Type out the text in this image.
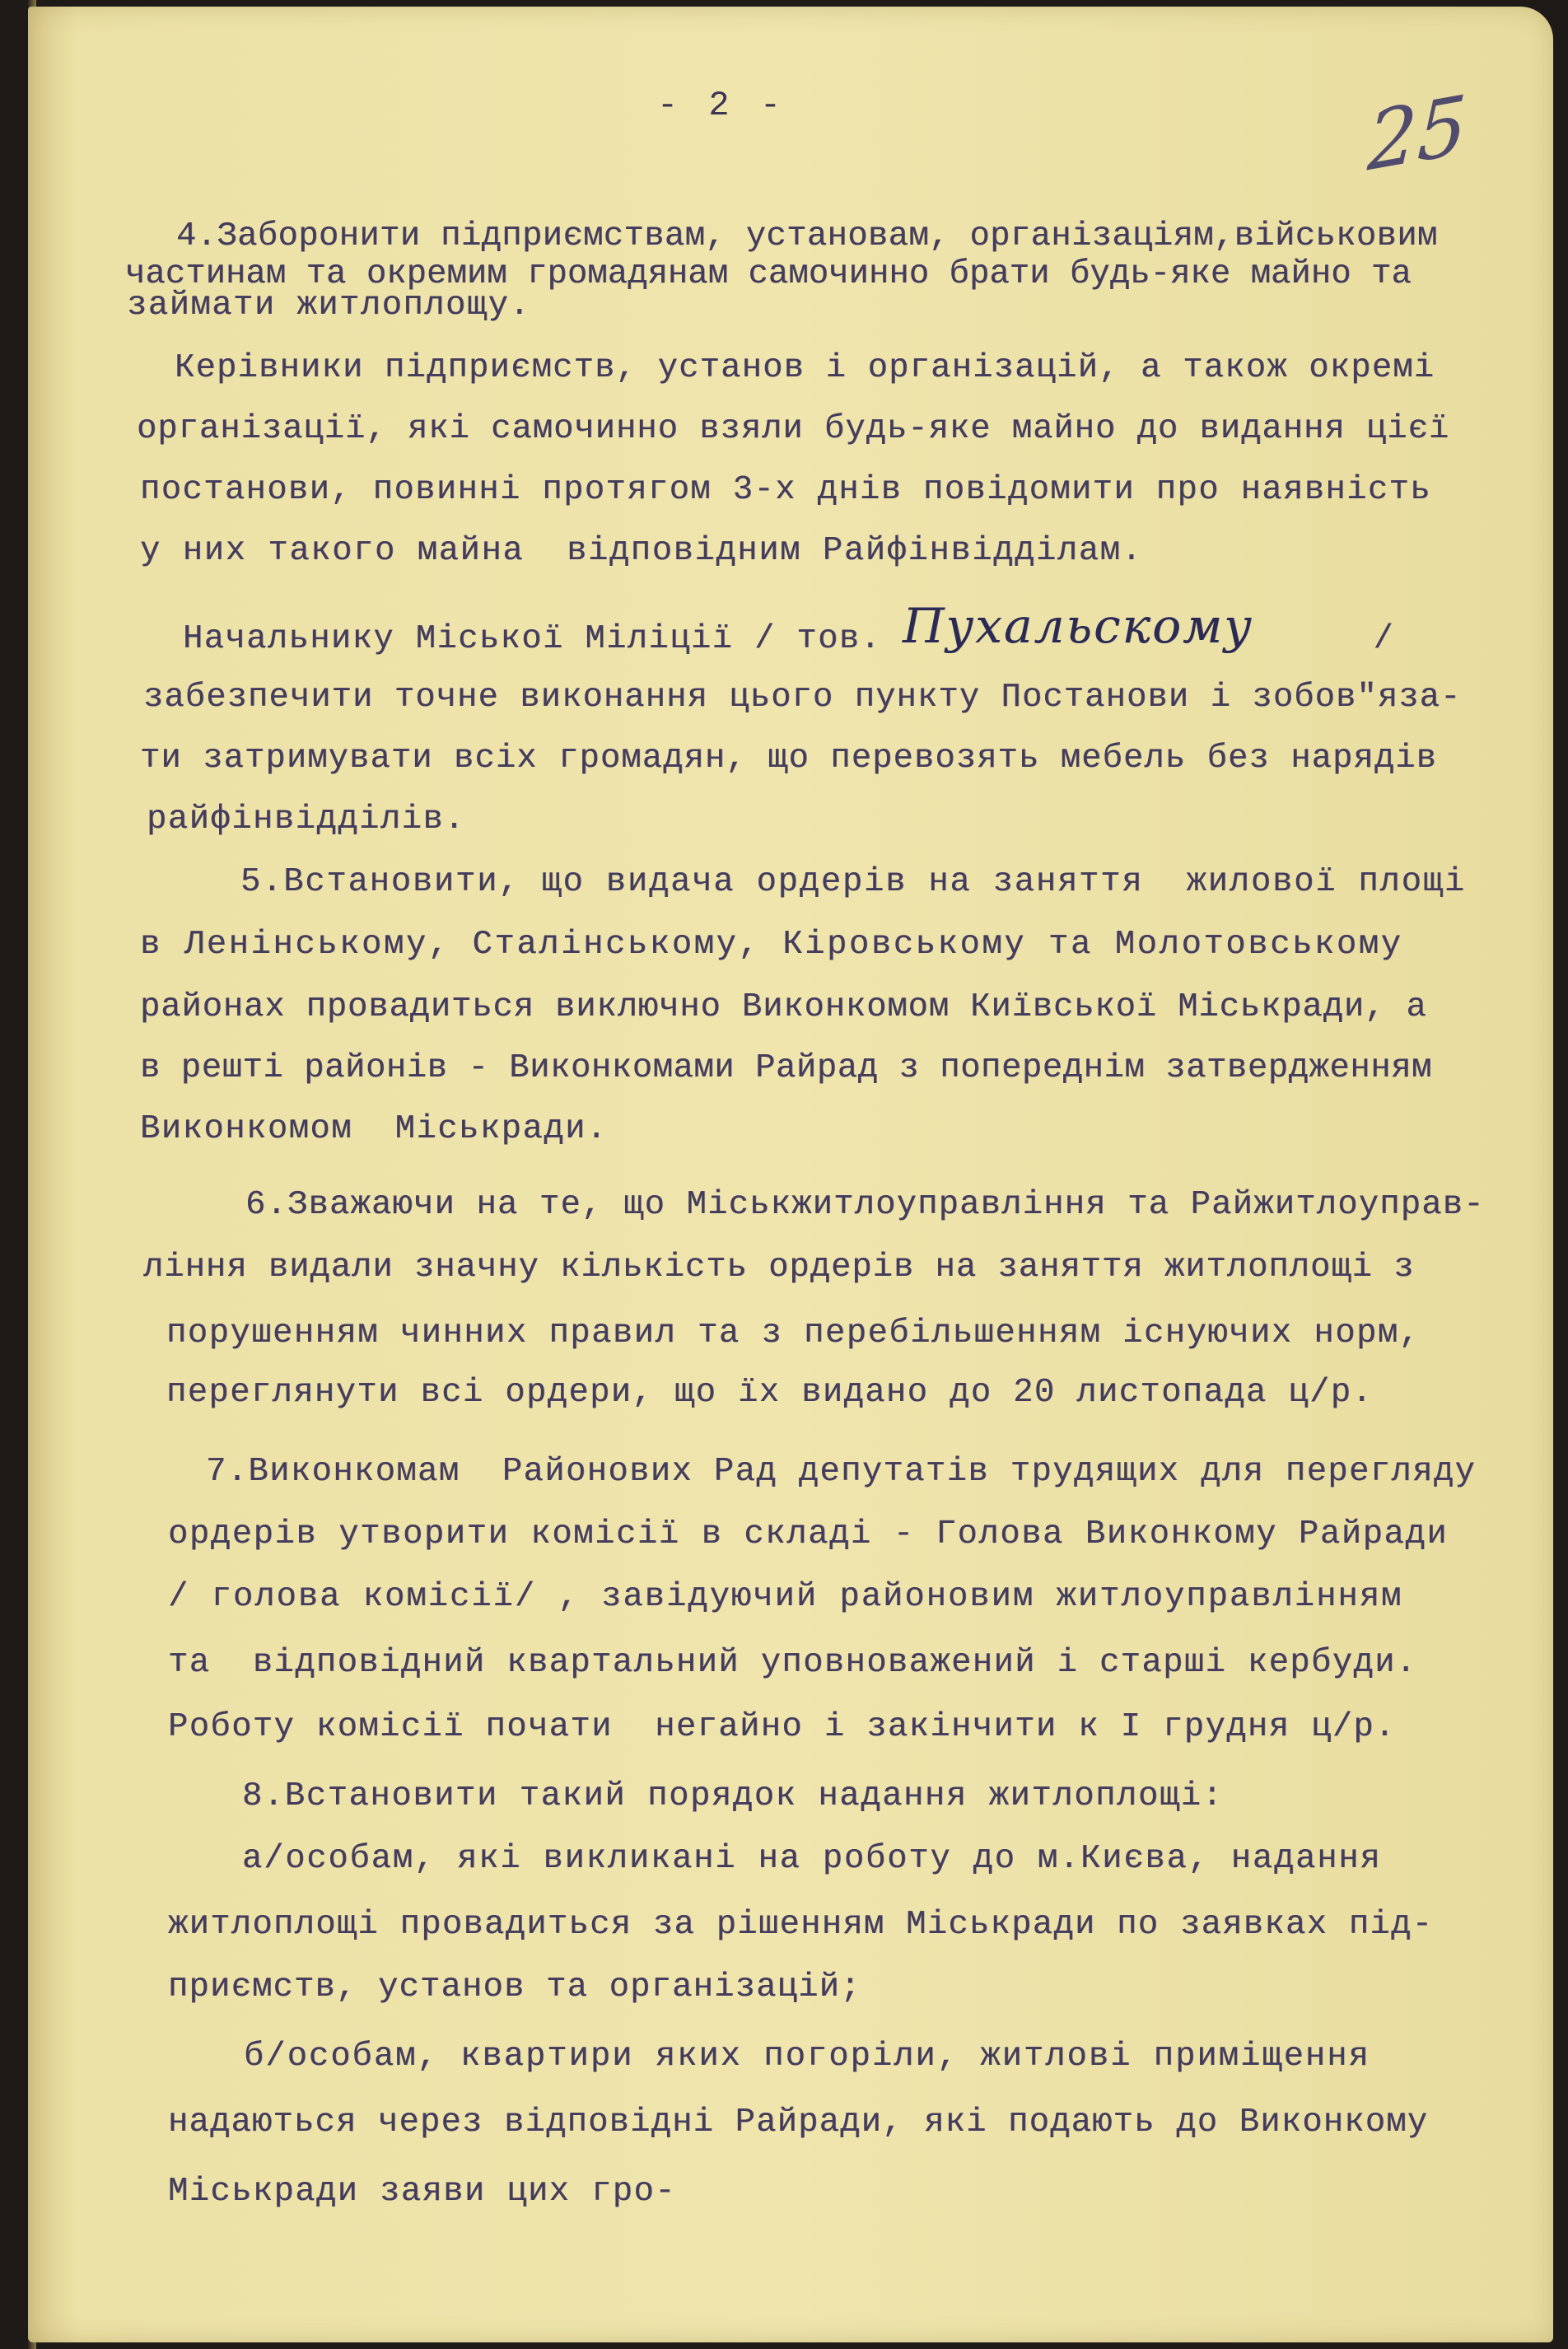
- 2 -	25
4.Заборонити підприємствам, установам, організаціям,військовим
частинам та окремим громадянам самочинно брати будь-яке майно та
займати житлоплощу.
Керівники підприємств, установ і організацій, а також окремі
організації, які самочинно взяли будь-яке майно до видання цієї
постанови, повинні протягом 3-х днів повідомити про наявність
у них такого майна  відповідним Райфінвідділам.
Начальнику Міської Міліції / тов. Пухальскому	/
забезпечити точне виконання цього пункту Постанови і зобов"яза-
ти затримувати всіх громадян, що перевозять мебель без нарядів
райфінвідділів.
5.Встановити, що видача ордерів на заняття  жилової площі
в Ленінському, Сталінському, Кіровському та Молотовському
районах провадиться виключно Виконкомом Київської Міськради, а
в решті районів - Виконкомами Райрад з попереднім затвердженням
Виконкомом  Міськради.
6.Зважаючи на те, що Міськжитлоуправління та Райжитлоуправ-
ління видали значну кількість ордерів на заняття житлоплощі з
порушенням чинних правил та з перебільшенням існуючих норм,
переглянути всі ордери, що їх видано до 20 листопада ц/р.
7.Виконкомам  Районових Рад депутатів трудящих для перегляду
ордерів утворити комісії в складі - Голова Виконкому Райради
/ голова комісії/ , завідуючий районовим житлоуправлінням
та  відповідний квартальний уповноважений і старші кербуди.
Роботу комісії почати  негайно і закінчити к І грудня ц/р.
8.Встановити такий порядок надання житлоплощі:
а/особам, які викликані на роботу до м.Києва, надання
житлоплощі провадиться за рішенням Міськради по заявках під-
приємств, установ та організацій;
б/особам, квартири яких погоріли, житлові приміщення
надаються через відповідні Райради, які подають до Виконкому
Міськради заяви цих гро-
